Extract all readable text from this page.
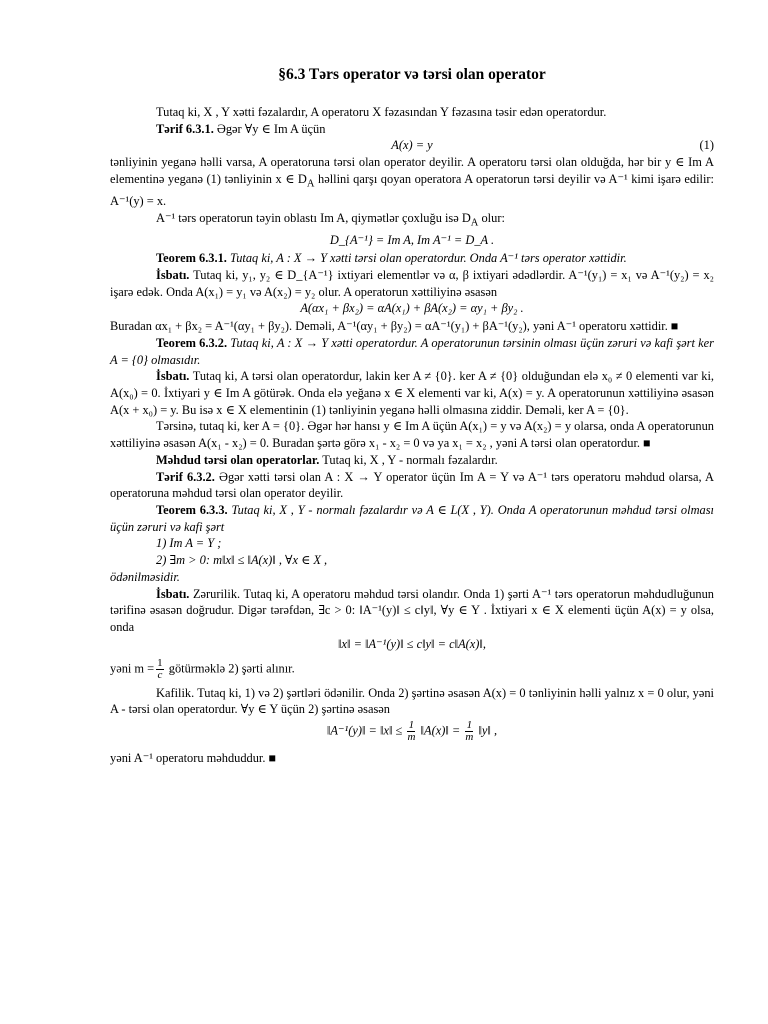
§6.3 Tərs operator və tərsi olan operator

Tutaq ki, X , Y xətti fəzalardır, A operatoru X fəzasından Y fəzasına təsir edən operatordur.

Tərif 6.3.1. Əgər ∀y ∈ Im A üçün

A(x) = y	(1)

tənliyinin yeganə həlli varsa, A operatoruna tərsi olan operator deyilir. A operatoru tərsi olan olduğda, hər bir y ∈ Im A elementinə yeganə (1) tənliyinin x ∈ $D_A$ həllini qarşı qoyan operatora A operatorun tərsi deyilir və A⁻¹ kimi işarə edilir: A⁻¹(y) = x.

A⁻¹ tərs operatorun təyin oblastı Im A, qiymətlər çoxluğu isə $D_A$ olur:

D_{A⁻¹} = Im A, Im A⁻¹ = D_A .

Teorem 6.3.1. Tutaq ki, A : X → Y xətti tərsi olan operatordur. Onda A⁻¹ tərs operator xəttidir.

İsbatı. Tutaq ki, y₁, y₂ ∈ D_{A⁻¹} ixtiyari elementlər və α, β ixtiyari ədədlərdir. A⁻¹(y₁) = x₁ və A⁻¹(y₂) = x₂ işarə edək. Onda A(x₁) = y₁ və A(x₂) = y₂ olur. A operatorun xəttiliyinə əsasən

A(αx₁ + βx₂) = αA(x₁) + βA(x₂) = αy₁ + βy₂ .

Buradan αx₁ + βx₂ = A⁻¹(αy₁ + βy₂). Deməli, A⁻¹(αy₁ + βy₂) = αA⁻¹(y₁) + βA⁻¹(y₂), yəni A⁻¹ operatoru xəttidir. ■

Teorem 6.3.2. Tutaq ki, A : X → Y xətti operatordur. A operatorunun tərsinin olması üçün zəruri və kafi şərt ker A = {0} olmasıdır.

İsbatı. Tutaq ki, A tərsi olan operatordur, lakin ker A ≠ {0}. ker A ≠ {0} olduğundan elə x₀ ≠ 0 elementi var ki, A(x₀) = 0. İxtiyari y ∈ Im A götürək. Onda elə yeğanə x ∈ X elementi var ki, A(x) = y. A operatorunun xəttiliyinə əsasən A(x + x₀) = y. Bu isə x ∈ X elementinin (1) tənliyinin yeganə həlli olmasına ziddir. Deməli, ker A = {0}.

Tərsinə, tutaq ki, ker A = {0}. Əgər hər hansı y ∈ Im A üçün A(x₁) = y və A(x₂) = y olarsa, onda A operatorunun xəttiliyinə əsasən A(x₁ - x₂) = 0. Buradan şərtə görə x₁ - x₂ = 0 və ya x₁ = x₂ , yəni A tərsi olan operatordur. ■

Məhdud tərsi olan operatorlar. Tutaq ki, X , Y - normalı fəzalardır.

Tərif 6.3.2. Əgər xətti tərsi olan A : X → Y operator üçün Im A = Y və A⁻¹ tərs operatoru məhdud olarsa, A operatoruna məhdud tərsi olan operator deyilir.

Teorem 6.3.3. Tutaq ki, X , Y - normalı fəzalardır və A ∈ L(X , Y). Onda A operatorunun məhdud tərsi olması üçün zəruri və kafi şərt

1) Im A = Y ;

2) ∃m > 0: m‖x‖ ≤ ‖A(x)‖ , ∀x ∈ X ,

ödənilməsidir.

İsbatı. Zərurilik. Tutaq ki, A operatoru məhdud tərsi olandır. Onda 1) şərti A⁻¹ tərs operatorun məhdudluğunun tərifinə əsasən doğrudur. Digər tərəfdən, ∃c > 0: ‖A⁻¹(y)‖ ≤ c‖y‖, ∀y ∈ Y . İxtiyari x ∈ X elementi üçün A(x) = y olsa, onda

‖x‖ = ‖A⁻¹(y)‖ ≤ c‖y‖ = c‖A(x)‖,

yəni $m = \frac{1}{c}$ götürməklə 2) şərti alınır.

Kafilik. Tutaq ki, 1) və 2) şərtləri ödənilir. Onda 2) şərtinə əsasən A(x) = 0 tənliyinin həlli yalnız x = 0 olur, yəni A - tərsi olan operatordur. ∀y ∈ Y üçün 2) şərtinə əsasən

‖A⁻¹(y)‖ = ‖x‖ ≤ $\frac{1}{m}$ ‖A(x)‖ = $\frac{1}{m}$ ‖y‖ ,

yəni A⁻¹ operatoru məhduddur. ■
